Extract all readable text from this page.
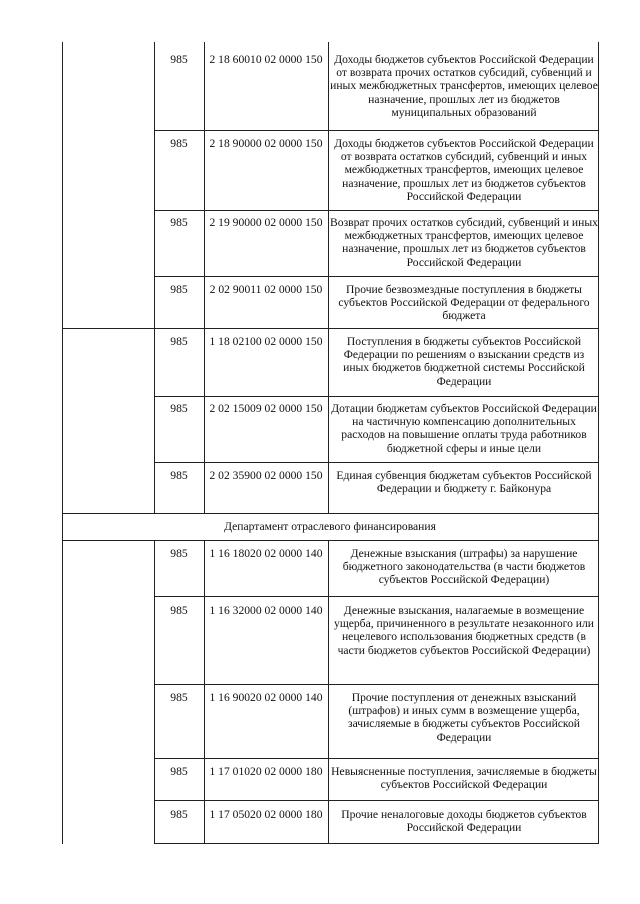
985	2 18 60010 02 0000 150	Доходы бюджетов субъектов Российской Федерации от возврата прочих остатков субсидий, субвенций и иных межбюджетных трансфертов, имеющих целевое назначение, прошлых лет из бюджетов муниципальных образований
985	2 18 90000 02 0000 150	Доходы бюджетов субъектов Российской Федерации от возврата остатков субсидий, субвенций и иных межбюджетных трансфертов, имеющих целевое назначение, прошлых лет из бюджетов субъектов Российской Федерации
985	2 19 90000 02 0000 150 Возврат прочих остатков субсидий, субвенций и иных межбюджетных трансфертов, имеющих целевое назначение, прошлых лет из бюджетов субъектов Российской Федерации
985	2 02 90011 02 0000 150	Прочие безвозмездные поступления в бюджеты субъектов Российской Федерации от федерального бюджета
985	1 18 02100 02 0000 150	Поступления в бюджеты субъектов Российской Федерации по решениям о взыскании средств из иных бюджетов бюджетной системы Российской Федерации
985	2 02 15009 02 0000 150 Дотации бюджетам субъектов Российской Федерации на частичную компенсацию дополнительных расходов на повышение оплаты труда работников бюджетной сферы и иные цели
985	2 02 35900 02 0000 150	Единая субвенция бюджетам субъектов Российской Федерации и бюджету г. Байконура
Департамент отраслевого финансирования
985	1 16 18020 02 0000 140	Денежные взыскания (штрафы) за нарушение бюджетного законодательства (в части бюджетов субъектов Российской Федерации)
985	1 16 32000 02 0000 140	Денежные взыскания, налагаемые в возмещение ущерба, причиненного в результате незаконного или нецелевого использования бюджетных средств (в части бюджетов субъектов Российской Федерации)
985	1 16 90020 02 0000 140	Прочие поступления от денежных взысканий (штрафов) и иных сумм в возмещение ущерба, зачисляемые в бюджеты субъектов Российской Федерации
985	1 17 01020 02 0000 180 Невыясненные поступления, зачисляемые в бюджеты субъектов Российской Федерации
985	1 17 05020 02 0000 180	Прочие неналоговые доходы бюджетов субъектов Российской Федерации
